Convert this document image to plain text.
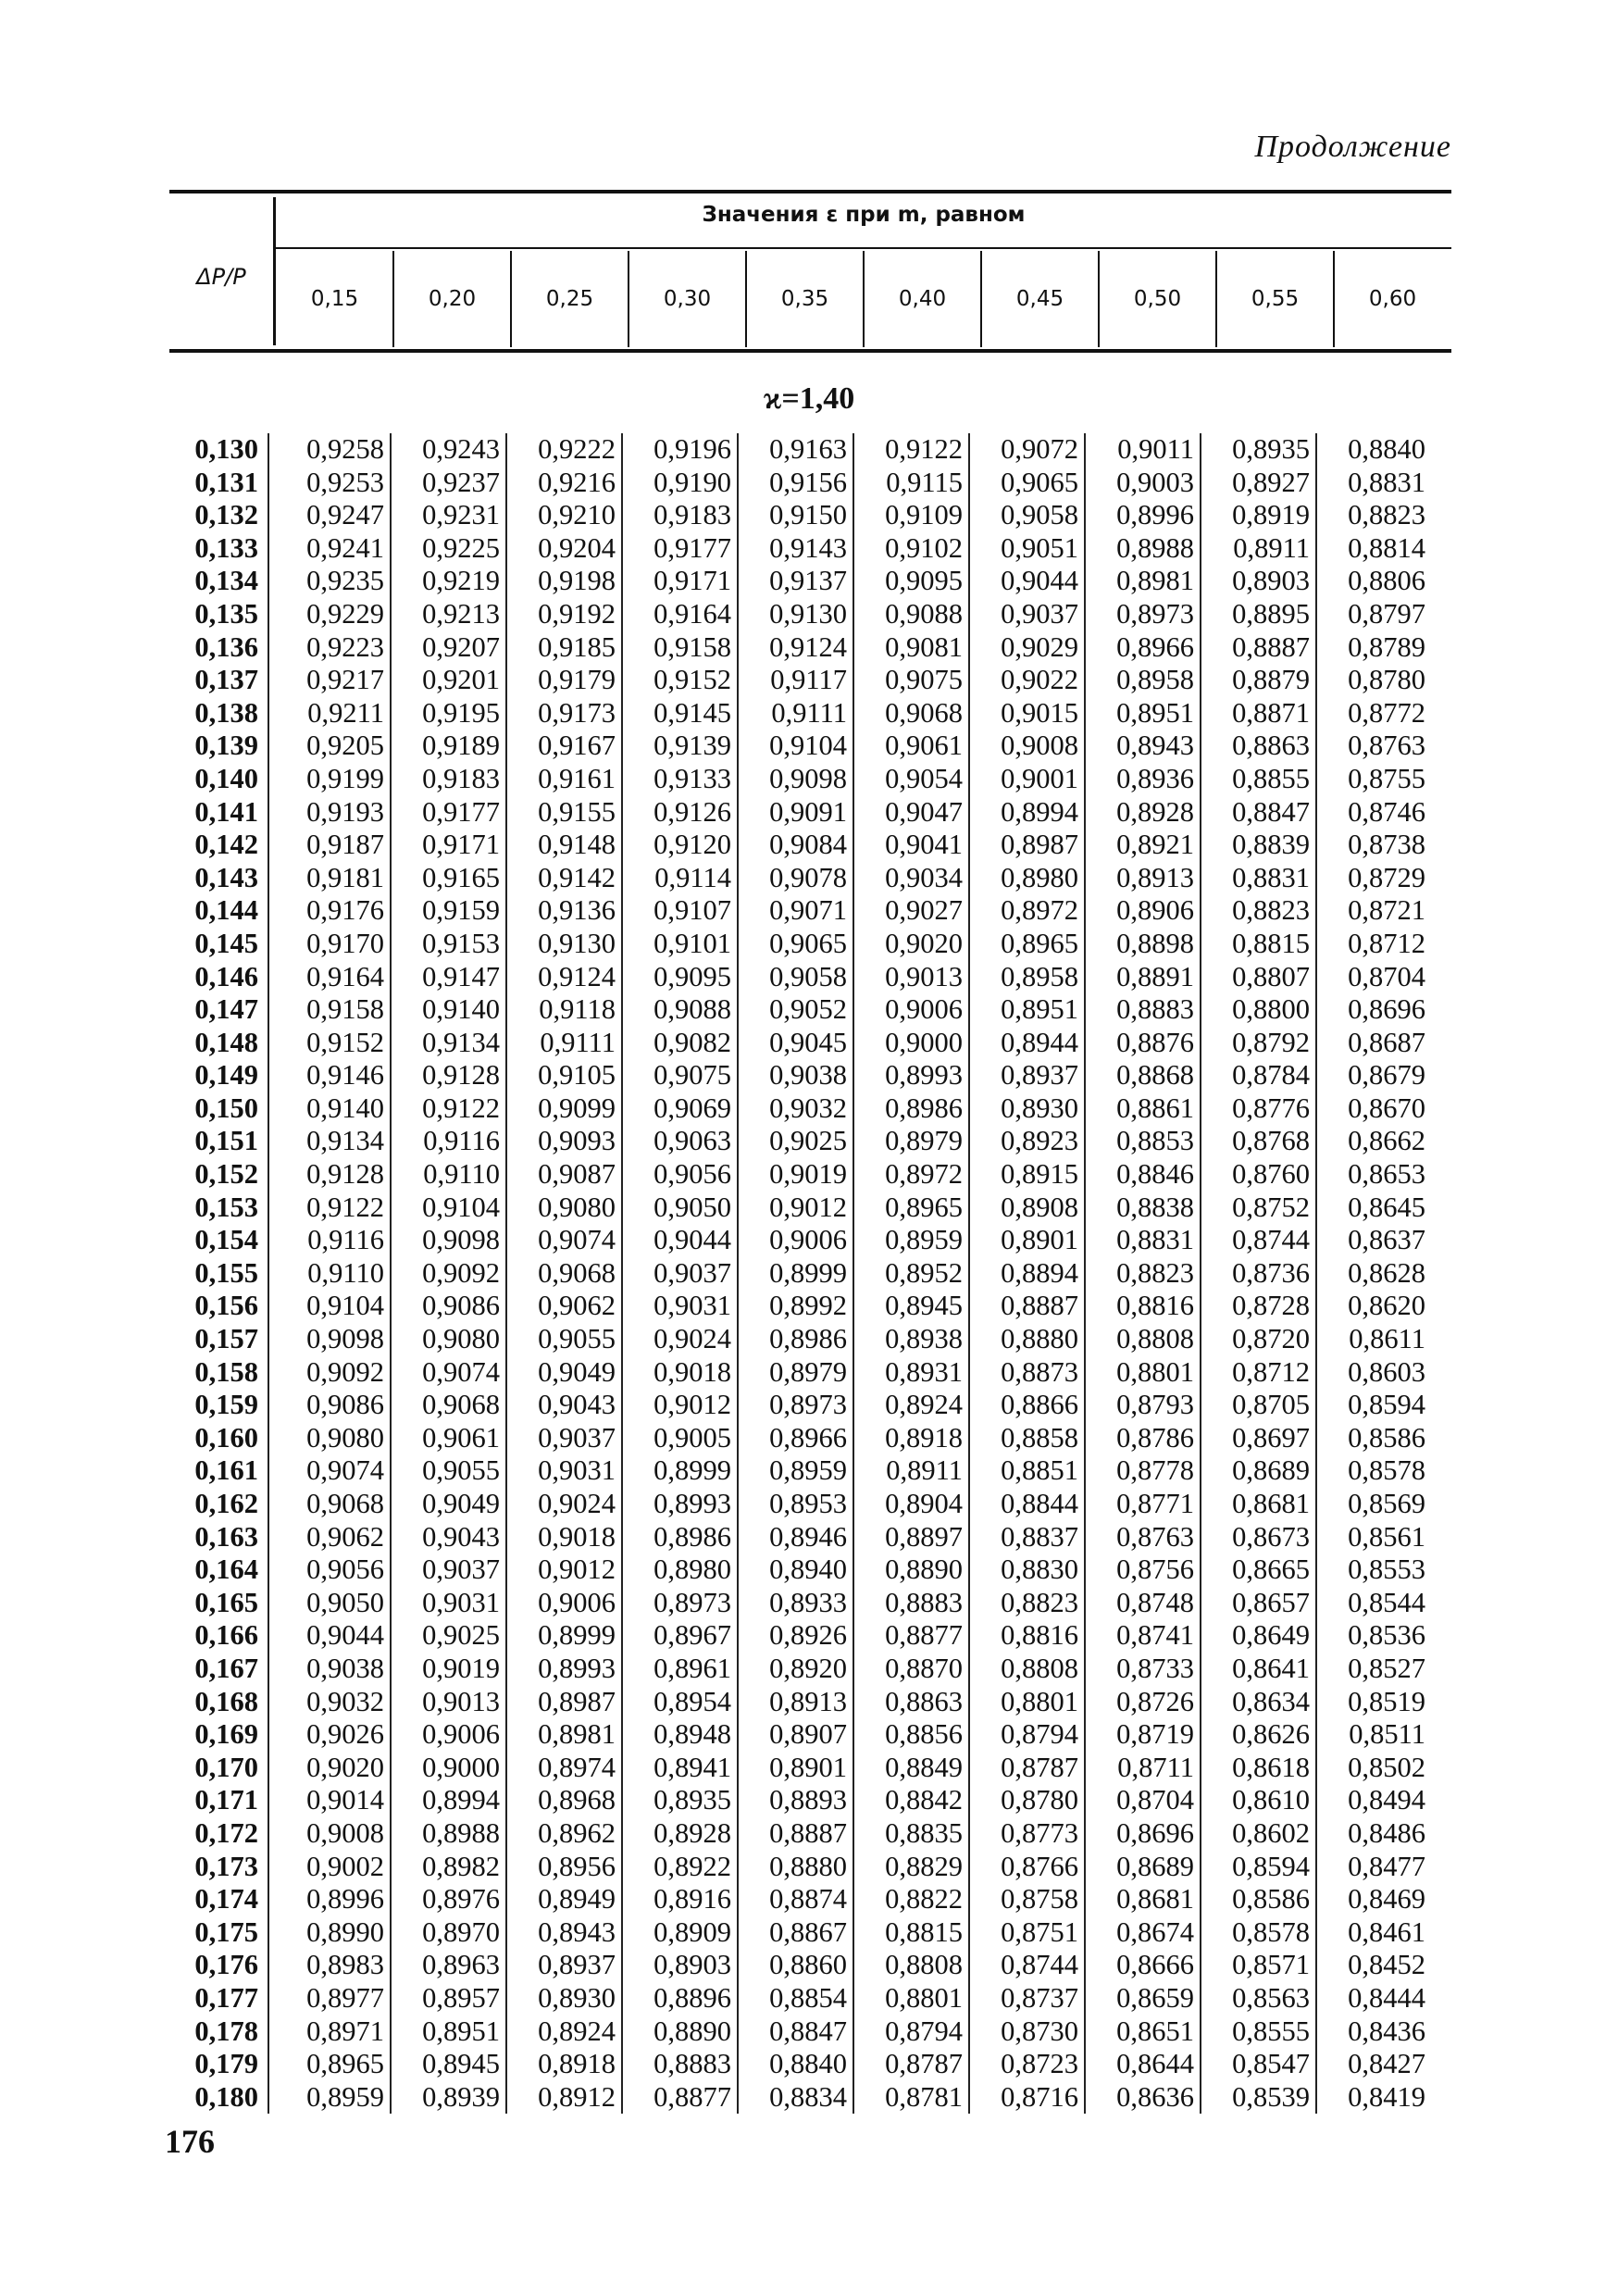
Продолжение
ΔP/P
Значения ε при m, равном
0,15	0,20	0,25	0,30	0,35	0,40	0,45	0,50	0,55	0,60
ϰ=1,40
0,130	0,9258	0,9243	0,9222	0,9196	0,9163	0,9122	0,9072	0,9011	0,8935	0,8840
0,131	0,9253	0,9237	0,9216	0,9190	0,9156	0,9115	0,9065	0,9003	0,8927	0,8831
0,132	0,9247	0,9231	0,9210	0,9183	0,9150	0,9109	0,9058	0,8996	0,8919	0,8823
0,133	0,9241	0,9225	0,9204	0,9177	0,9143	0,9102	0,9051	0,8988	0,8911	0,8814
0,134	0,9235	0,9219	0,9198	0,9171	0,9137	0,9095	0,9044	0,8981	0,8903	0,8806
0,135	0,9229	0,9213	0,9192	0,9164	0,9130	0,9088	0,9037	0,8973	0,8895	0,8797
0,136	0,9223	0,9207	0,9185	0,9158	0,9124	0,9081	0,9029	0,8966	0,8887	0,8789
0,137	0,9217	0,9201	0,9179	0,9152	0,9117	0,9075	0,9022	0,8958	0,8879	0,8780
0,138	0,9211	0,9195	0,9173	0,9145	0,9111	0,9068	0,9015	0,8951	0,8871	0,8772
0,139	0,9205	0,9189	0,9167	0,9139	0,9104	0,9061	0,9008	0,8943	0,8863	0,8763
0,140	0,9199	0,9183	0,9161	0,9133	0,9098	0,9054	0,9001	0,8936	0,8855	0,8755
0,141	0,9193	0,9177	0,9155	0,9126	0,9091	0,9047	0,8994	0,8928	0,8847	0,8746
0,142	0,9187	0,9171	0,9148	0,9120	0,9084	0,9041	0,8987	0,8921	0,8839	0,8738
0,143	0,9181	0,9165	0,9142	0,9114	0,9078	0,9034	0,8980	0,8913	0,8831	0,8729
0,144	0,9176	0,9159	0,9136	0,9107	0,9071	0,9027	0,8972	0,8906	0,8823	0,8721
0,145	0,9170	0,9153	0,9130	0,9101	0,9065	0,9020	0,8965	0,8898	0,8815	0,8712
0,146	0,9164	0,9147	0,9124	0,9095	0,9058	0,9013	0,8958	0,8891	0,8807	0,8704
0,147	0,9158	0,9140	0,9118	0,9088	0,9052	0,9006	0,8951	0,8883	0,8800	0,8696
0,148	0,9152	0,9134	0,9111	0,9082	0,9045	0,9000	0,8944	0,8876	0,8792	0,8687
0,149	0,9146	0,9128	0,9105	0,9075	0,9038	0,8993	0,8937	0,8868	0,8784	0,8679
0,150	0,9140	0,9122	0,9099	0,9069	0,9032	0,8986	0,8930	0,8861	0,8776	0,8670
0,151	0,9134	0,9116	0,9093	0,9063	0,9025	0,8979	0,8923	0,8853	0,8768	0,8662
0,152	0,9128	0,9110	0,9087	0,9056	0,9019	0,8972	0,8915	0,8846	0,8760	0,8653
0,153	0,9122	0,9104	0,9080	0,9050	0,9012	0,8965	0,8908	0,8838	0,8752	0,8645
0,154	0,9116	0,9098	0,9074	0,9044	0,9006	0,8959	0,8901	0,8831	0,8744	0,8637
0,155	0,9110	0,9092	0,9068	0,9037	0,8999	0,8952	0,8894	0,8823	0,8736	0,8628
0,156	0,9104	0,9086	0,9062	0,9031	0,8992	0,8945	0,8887	0,8816	0,8728	0,8620
0,157	0,9098	0,9080	0,9055	0,9024	0,8986	0,8938	0,8880	0,8808	0,8720	0,8611
0,158	0,9092	0,9074	0,9049	0,9018	0,8979	0,8931	0,8873	0,8801	0,8712	0,8603
0,159	0,9086	0,9068	0,9043	0,9012	0,8973	0,8924	0,8866	0,8793	0,8705	0,8594
0,160	0,9080	0,9061	0,9037	0,9005	0,8966	0,8918	0,8858	0,8786	0,8697	0,8586
0,161	0,9074	0,9055	0,9031	0,8999	0,8959	0,8911	0,8851	0,8778	0,8689	0,8578
0,162	0,9068	0,9049	0,9024	0,8993	0,8953	0,8904	0,8844	0,8771	0,8681	0,8569
0,163	0,9062	0,9043	0,9018	0,8986	0,8946	0,8897	0,8837	0,8763	0,8673	0,8561
0,164	0,9056	0,9037	0,9012	0,8980	0,8940	0,8890	0,8830	0,8756	0,8665	0,8553
0,165	0,9050	0,9031	0,9006	0,8973	0,8933	0,8883	0,8823	0,8748	0,8657	0,8544
0,166	0,9044	0,9025	0,8999	0,8967	0,8926	0,8877	0,8816	0,8741	0,8649	0,8536
0,167	0,9038	0,9019	0,8993	0,8961	0,8920	0,8870	0,8808	0,8733	0,8641	0,8527
0,168	0,9032	0,9013	0,8987	0,8954	0,8913	0,8863	0,8801	0,8726	0,8634	0,8519
0,169	0,9026	0,9006	0,8981	0,8948	0,8907	0,8856	0,8794	0,8719	0,8626	0,8511
0,170	0,9020	0,9000	0,8974	0,8941	0,8901	0,8849	0,8787	0,8711	0,8618	0,8502
0,171	0,9014	0,8994	0,8968	0,8935	0,8893	0,8842	0,8780	0,8704	0,8610	0,8494
0,172	0,9008	0,8988	0,8962	0,8928	0,8887	0,8835	0,8773	0,8696	0,8602	0,8486
0,173	0,9002	0,8982	0,8956	0,8922	0,8880	0,8829	0,8766	0,8689	0,8594	0,8477
0,174	0,8996	0,8976	0,8949	0,8916	0,8874	0,8822	0,8758	0,8681	0,8586	0,8469
0,175	0,8990	0,8970	0,8943	0,8909	0,8867	0,8815	0,8751	0,8674	0,8578	0,8461
0,176	0,8983	0,8963	0,8937	0,8903	0,8860	0,8808	0,8744	0,8666	0,8571	0,8452
0,177	0,8977	0,8957	0,8930	0,8896	0,8854	0,8801	0,8737	0,8659	0,8563	0,8444
0,178	0,8971	0,8951	0,8924	0,8890	0,8847	0,8794	0,8730	0,8651	0,8555	0,8436
0,179	0,8965	0,8945	0,8918	0,8883	0,8840	0,8787	0,8723	0,8644	0,8547	0,8427
0,180	0,8959	0,8939	0,8912	0,8877	0,8834	0,8781	0,8716	0,8636	0,8539	0,8419
176
